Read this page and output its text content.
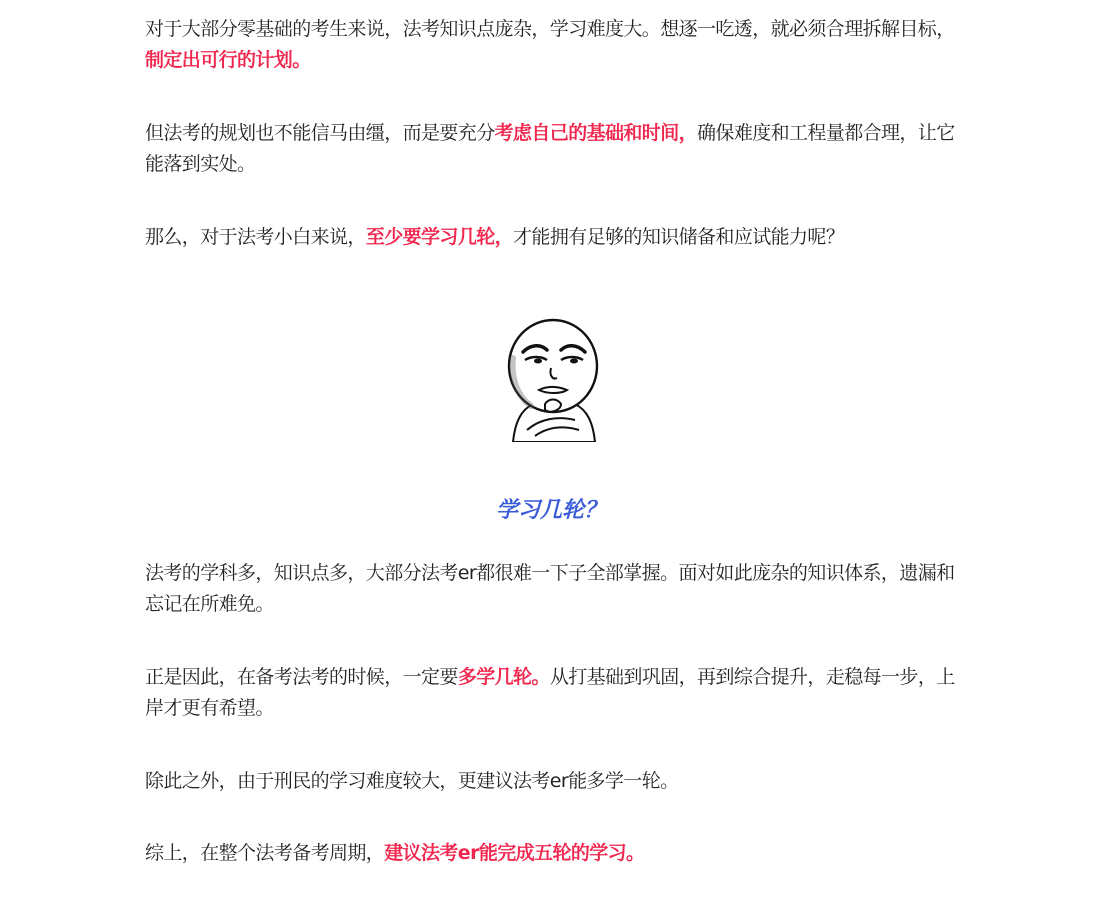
对于大部分零基础的考生来说，法考知识点庞杂，学习难度大。想逐一吃透，就必须合理拆解目标，制定出可行的计划。

但法考的规划也不能信马由缰，而是要充分考虑自己的基础和时间，确保难度和工程量都合理，让它能落到实处。

那么，对于法考小白来说，至少要学习几轮，才能拥有足够的知识储备和应试能力呢？

学习几轮？

法考的学科多，知识点多，大部分法考er都很难一下子全部掌握。面对如此庞杂的知识体系，遗漏和忘记在所难免。

正是因此，在备考法考的时候，一定要多学几轮。从打基础到巩固，再到综合提升，走稳每一步，上岸才更有希望。

除此之外，由于刑民的学习难度较大，更建议法考er能多学一轮。

综上，在整个法考备考周期，建议法考er能完成五轮的学习。
